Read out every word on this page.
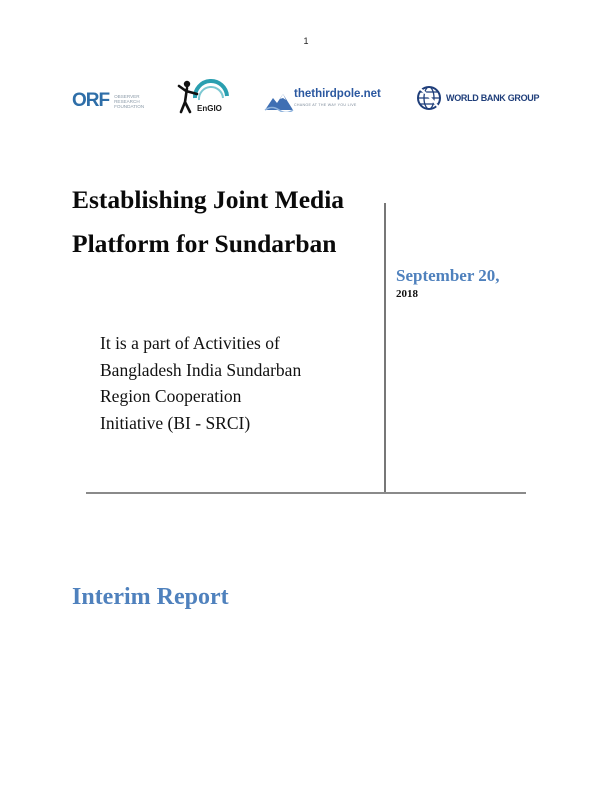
1
ORF OBSERVER RESEARCH FOUNDATION	EnGIO
thethirdpole.net
CHANGE AT THE WAY YOU LIVE
WORLD BANK GROUP
Establishing Joint Media
Platform for Sundarban
September 20,
2018

It is a part of Activities of
Bangladesh India Sundarban
Region Cooperation
Initiative (BI - SRCI)

Interim Report
